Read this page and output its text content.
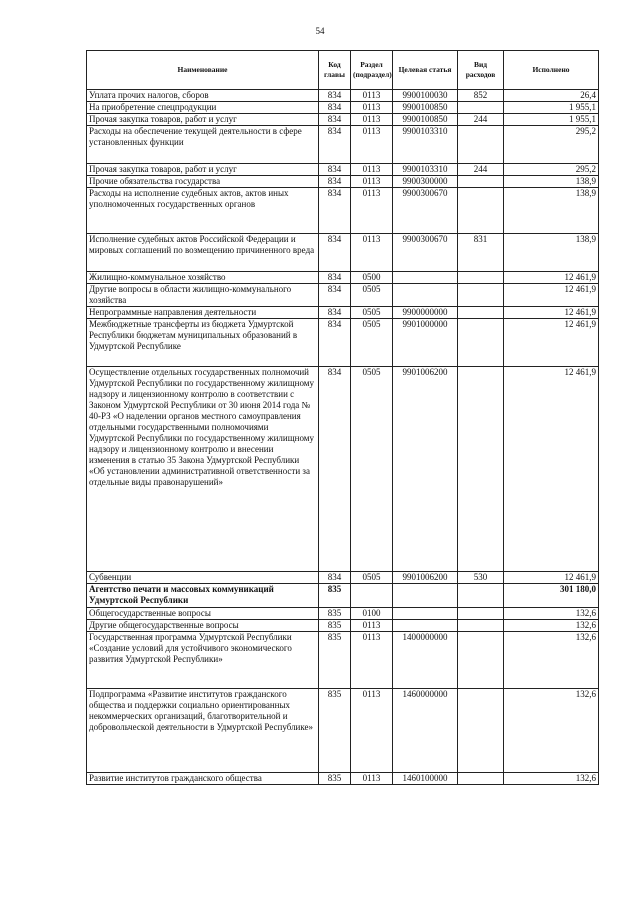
54
Наименование	Код главы	Раздел (подраздел)	Целевая статья	Вид расходов	Исполнено
Уплата прочих налогов, сборов	834	0113	9900100030	852	26,4
На приобретение спецпродукции	834	0113	9900100850		1 955,1
Прочая закупка товаров, работ и услуг	834	0113	9900100850	244	1 955,1
Расходы на обеспечение текущей деятельности в сфере установленных функции	834	0113	9900103310		295,2
Прочая закупка товаров, работ и услуг	834	0113	9900103310	244	295,2
Прочие обязательства государства	834	0113	9900300000		138,9
Расходы на исполнение судебных актов, актов иных уполномоченных государственных органов	834	0113	9900300670		138,9
Исполнение судебных актов Российской Федерации и мировых соглашений по возмещению причиненного вреда	834	0113	9900300670	831	138,9
Жилищно-коммунальное хозяйство	834	0500			12 461,9
Другие вопросы в области жилищно-коммунального хозяйства	834	0505			12 461,9
Непрограммные направления деятельности	834	0505	9900000000		12 461,9
Межбюджетные трансферты из бюджета Удмуртской Республики бюджетам муниципальных образований в Удмуртской Республике	834	0505	9901000000		12 461,9
Осуществление отдельных государственных полномочий Удмуртской Республики по государственному жилищному надзору и лицензионному контролю в соответствии с Законом Удмуртской Республики от 30 июня 2014 года № 40-РЗ «О наделении органов местного самоуправления отдельными государственными полномочиями Удмуртской Республики по государственному жилищному надзору и лицензионному контролю и внесении изменения в статью 35 Закона Удмуртской Республики «Об установлении административной ответственности за отдельные виды правонарушений»	834	0505	9901006200		12 461,9
Субвенции	834	0505	9901006200	530	12 461,9
Агентство печати и массовых коммуникаций Удмуртской Республики	835				301 180,0
Общегосударственные вопросы	835	0100			132,6
Другие общегосударственные вопросы	835	0113			132,6
Государственная программа Удмуртской Республики «Создание условий для устойчивого экономического развития Удмуртской Республики»	835	0113	1400000000		132,6
Подпрограмма «Развитие институтов гражданского общества и поддержки социально ориентированных некоммерческих организаций, благотворительной и добровольческой деятельности в Удмуртской Республике»	835	0113	1460000000		132,6
Развитие институтов гражданского общества	835	0113	1460100000		132,6
